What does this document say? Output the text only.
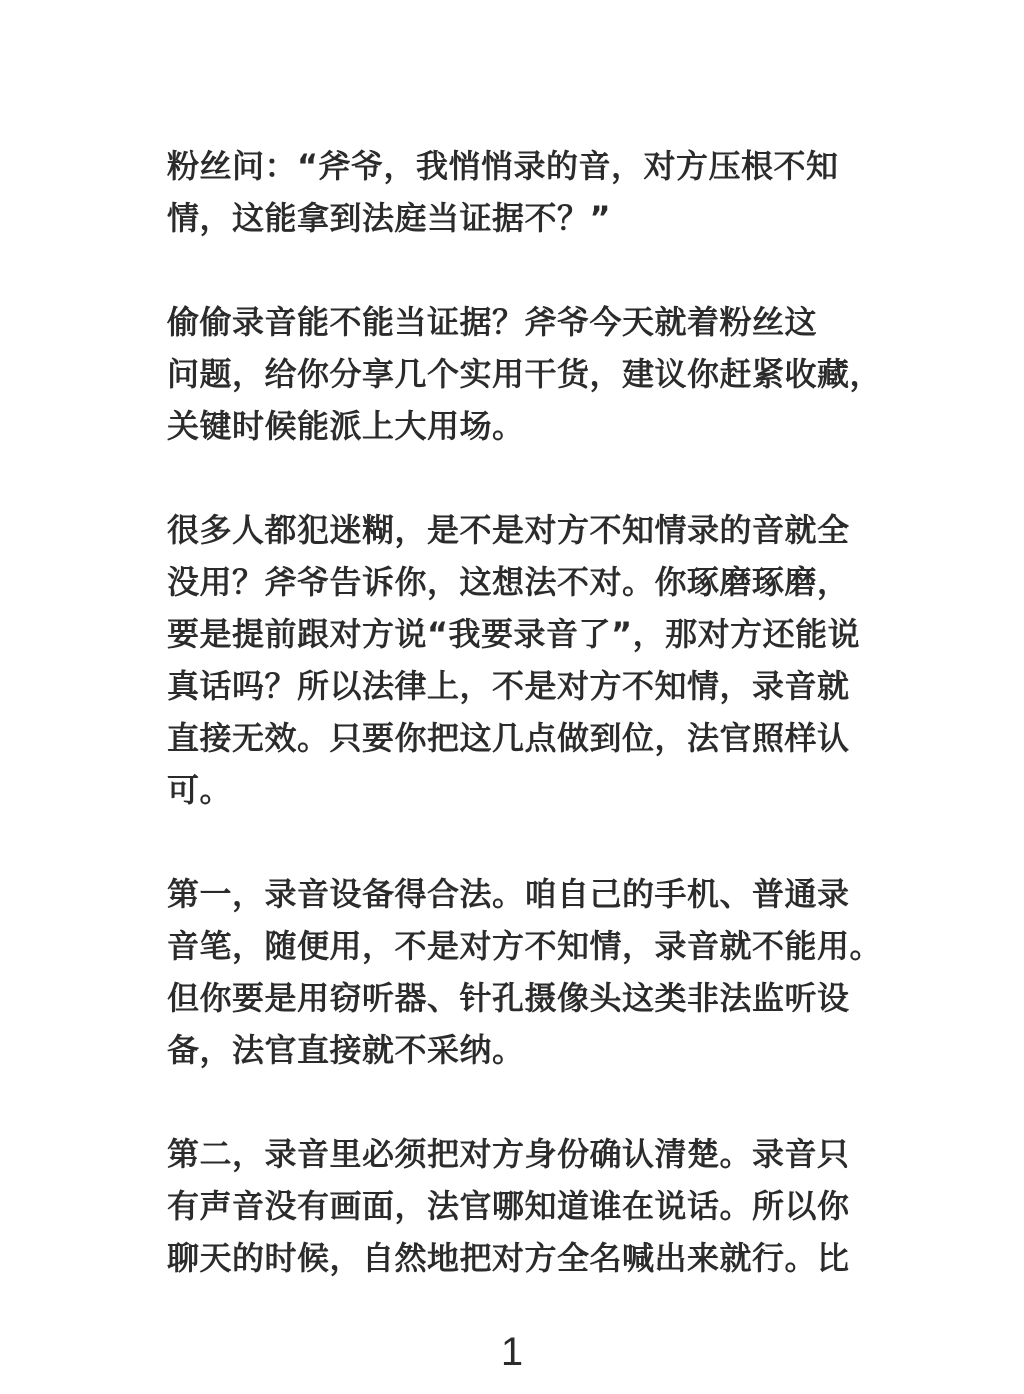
粉丝问：“斧爷，我悄悄录的音，对方压根不知
情，这能拿到法庭当证据不？”
偷偷录音能不能当证据？斧爷今天就着粉丝这
问题，给你分享几个实用干货，建议你赶紧收藏，
关键时候能派上大用场。
很多人都犯迷糊，是不是对方不知情录的音就全
没用？斧爷告诉你，这想法不对。你琢磨琢磨，
要是提前跟对方说“我要录音了”，那对方还能说
真话吗？所以法律上，不是对方不知情，录音就
直接无效。只要你把这几点做到位，法官照样认
可。
第一，录音设备得合法。咱自己的手机、普通录
音笔，随便用，不是对方不知情，录音就不能用。
但你要是用窃听器、针孔摄像头这类非法监听设
备，法官直接就不采纳。
第二，录音里必须把对方身份确认清楚。录音只
有声音没有画面，法官哪知道谁在说话。所以你
聊天的时候，自然地把对方全名喊出来就行。比
1
